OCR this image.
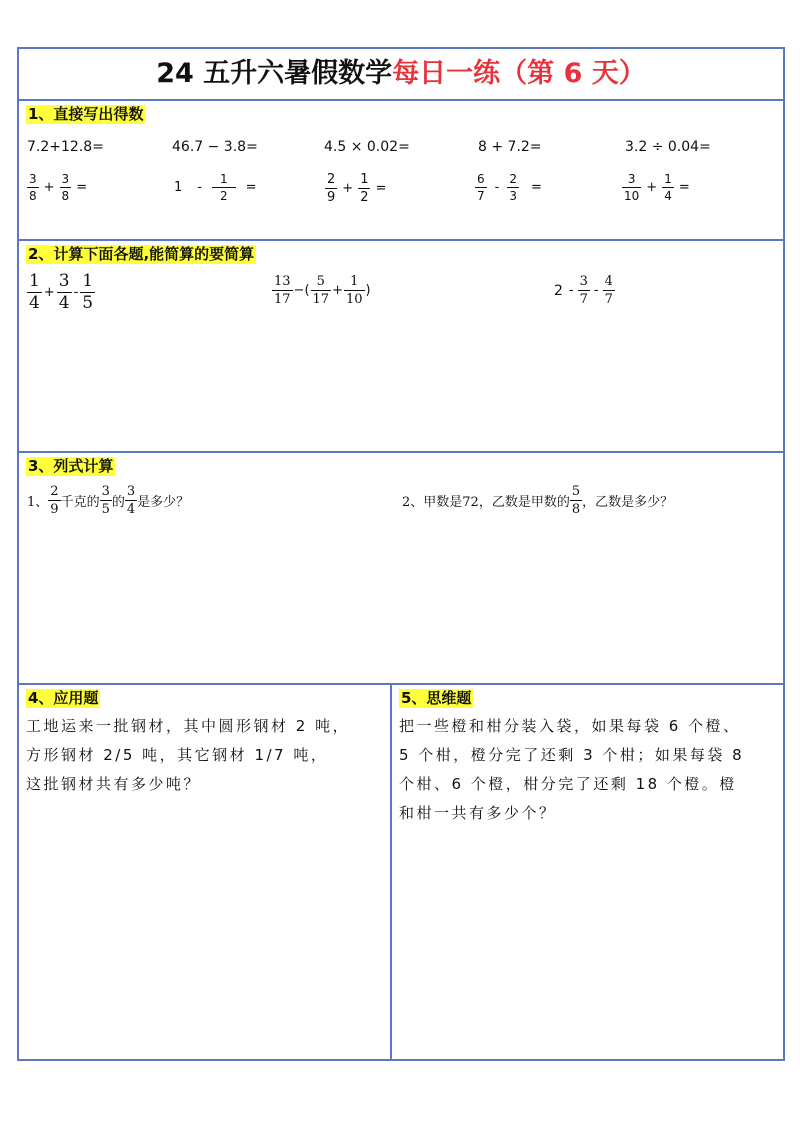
24 五升六暑假数学每日一练（第 6 天）
1、直接写出得数
7.2+12.8=	46.7 − 3.8=	4.5 × 0.02=	8 + 7.2=	3.2 ÷ 0.04=
$\frac{3}{8} + \frac{3}{8}$ =	$1 - \frac{1}{2}$ =	$\frac{2}{9} + \frac{1}{2}$ =	$\frac{6}{7} - \frac{2}{3}$ =	$\frac{3}{10} + \frac{1}{4}$ =
2、计算下面各题,能简算的要简算
$\frac{1}{4} + \frac{3}{4} - \frac{1}{5}$	$\frac{13}{17}$ −( $\frac{5}{17} + \frac{1}{10}$ )	$2 - \frac{3}{7} - \frac{4}{7}$
3、列式计算
1、 $\frac{2}{9}$ 千克的 $\frac{3}{5}$ 的 $\frac{3}{4}$ 是多少？	2、甲数是72，乙数是甲数的 $\frac{5}{8}$ ，乙数是多少？
4、应用题
工地运来一批钢材，其中圆形钢材 2 吨，
方形钢材 2/5 吨，其它钢材 1/7 吨，
这批钢材共有多少吨？
5、思维题
把一些橙和柑分装入袋，如果每袋 6 个橙、
5 个柑，橙分完了还剩 3 个柑；如果每袋 8
个柑、6 个橙，柑分完了还剩 18 个橙。橙
和柑一共有多少个？
